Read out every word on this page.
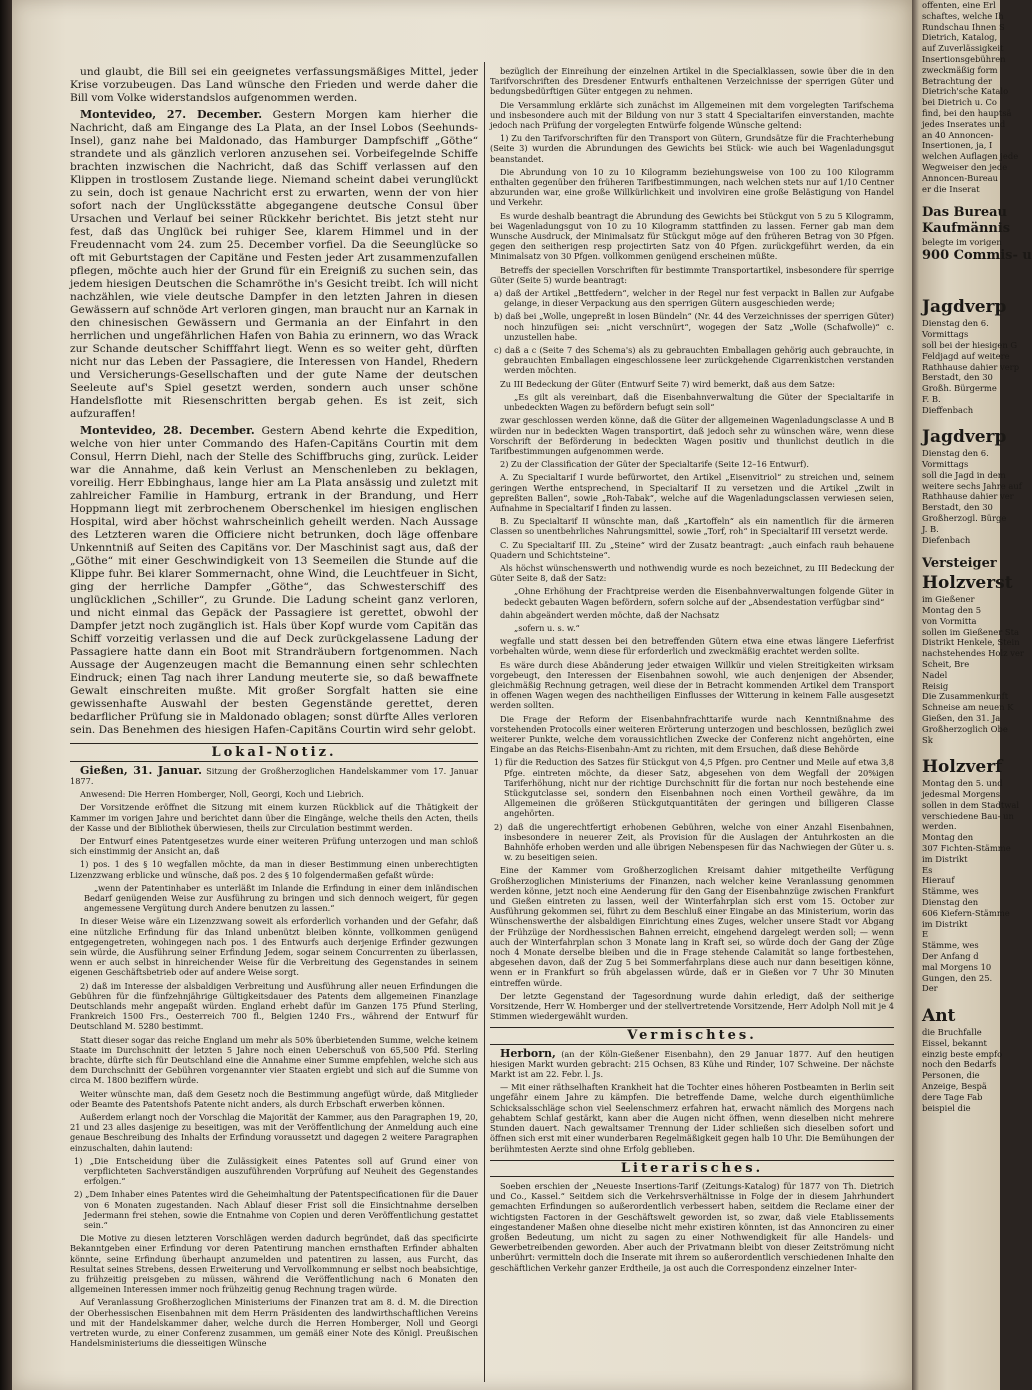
und glaubt, die Bill sei ein geeignetes verfassungsmäßiges Mittel, jeder Krise vorzubeugen. Das Land wünsche den Frieden und werde daher die Bill vom Volke widerstandslos aufgenommen werden.

Montevideo, 27. December. Gestern Morgen kam hierher die Nachricht, daß am Eingange des La Plata, an der Insel Lobos (Seehunds-Insel), ganz nahe bei Maldonado, das Hamburger Dampfschiff „Göthe“ strandete und als gänzlich verloren anzusehen sei. Vorbeifegelnde Schiffe brachten inzwischen die Nachricht, daß das Schiff verlassen auf den Klippen in trostlosem Zustande liege. Niemand scheint dabei verunglückt zu sein, doch ist genaue Nachricht erst zu erwarten, wenn der von hier sofort nach der Unglücksstätte abgegangene deutsche Consul über Ursachen und Verlauf bei seiner Rückkehr berichtet. Bis jetzt steht nur fest, daß das Unglück bei ruhiger See, klarem Himmel und in der Freudennacht vom 24. zum 25. December vorfiel. Da die Seeunglücke so oft mit Geburtstagen der Capitäne und Festen jeder Art zusammenzufallen pflegen, möchte auch hier der Grund für ein Ereigniß zu suchen sein, das jedem hiesigen Deutschen die Schamröthe in's Gesicht treibt. Ich will nicht nachzählen, wie viele deutsche Dampfer in den letzten Jahren in diesen Gewässern auf schnöde Art verloren gingen, man braucht nur an Karnak in den chinesischen Gewässern und Germania an der Einfahrt in den herrlichen und ungefährlichen Hafen von Bahia zu erinnern, wo das Wrack zur Schande deutscher Schifffahrt liegt. Wenn es so weiter geht, dürften nicht nur das Leben der Passagiere, die Interessen von Handel, Rhedern und Versicherungs-Gesellschaften und der gute Name der deutschen Seeleute auf's Spiel gesetzt werden, sondern auch unser schöne Handelsflotte mit Riesenschritten bergab gehen. Es ist zeit, sich aufzuraffen!

Montevideo, 28. December. Gestern Abend kehrte die Expedition, welche von hier unter Commando des Hafen-Capitäns Courtin mit dem Consul, Herrn Diehl, nach der Stelle des Schiffbruchs ging, zurück. Leider war die Annahme, daß kein Verlust an Menschenleben zu beklagen, voreilig. Herr Ebbinghaus, lange hier am La Plata ansässig und zuletzt mit zahlreicher Familie in Hamburg, ertrank in der Brandung, und Herr Hoppmann liegt mit zerbrochenem Oberschenkel im hiesigen englischen Hospital, wird aber höchst wahrscheinlich geheilt werden. Nach Aussage des Letzteren waren die Officiere nicht betrunken, doch läge offenbare Unkenntniß auf Seiten des Capitäns vor. Der Maschinist sagt aus, daß der „Göthe“ mit einer Geschwindigkeit von 13 Seemeilen die Stunde auf die Klippe fuhr. Bei klarer Sommernacht, ohne Wind, die Leuchtfeuer in Sicht, ging der herrliche Dampfer „Göthe“, das Schwesterschiff des unglücklichen „Schiller“, zu Grunde. Die Ladung scheint ganz verloren, und nicht einmal das Gepäck der Passagiere ist gerettet, obwohl der Dampfer jetzt noch zugänglich ist. Hals über Kopf wurde vom Capitän das Schiff vorzeitig verlassen und die auf Deck zurückgelassene Ladung der Passagiere hatte dann ein Boot mit Strandräubern fortgenommen. Nach Aussage der Augenzeugen macht die Bemannung einen sehr schlechten Eindruck; einen Tag nach ihrer Landung meuterte sie, so daß bewaffnete Gewalt einschreiten mußte. Mit großer Sorgfalt hatten sie eine gewissenhafte Auswahl der besten Gegenstände gerettet, deren bedarflicher Prüfung sie in Maldonado oblagen; sonst dürfte Alles verloren sein. Das Benehmen des hiesigen Hafen-Capitäns Courtin wird sehr gelobt.

Lokal-Notiz.

Gießen, 31. Januar. Sitzung der Großherzoglichen Handelskammer vom 17. Januar 1877.

Anwesend: Die Herren Homberger, Noll, Georgi, Koch und Liebrich.

Der Vorsitzende eröffnet die Sitzung mit einem kurzen Rückblick auf die Thätigkeit der Kammer im vorigen Jahre und berichtet dann über die Eingänge, welche theils den Acten, theils der Kasse und der Bibliothek überwiesen, theils zur Circulation bestimmt werden.

Der Entwurf eines Patentgesetzes wurde einer weiteren Prüfung unterzogen und man schloß sich einstimmig der Ansicht an, daß

1) pos. 1 des § 10 wegfallen möchte, da man in dieser Bestimmung einen unberechtigten Lizenzzwang erblicke und wünsche, daß pos. 2 des § 10 folgendermaßen gefaßt würde:

„wenn der Patentinhaber es unterläßt im Inlande die Erfindung in einer dem inländischen Bedarf genügenden Weise zur Ausführung zu bringen und sich dennoch weigert, für gegen angemessene Vergütung durch Andere benutzen zu lassen.“

In dieser Weise wäre ein Lizenzzwang soweit als erforderlich vorhanden und der Gefahr, daß eine nützliche Erfindung für das Inland unbenützt bleiben könnte, vollkommen genügend entgegengetreten, wohingegen nach pos. 1 des Entwurfs auch derjenige Erfinder gezwungen sein würde, die Ausführung seiner Erfindung Jedem, sogar seinem Concurrenten zu überlassen, wenn er auch selbst in hinreichender Weise für die Verbreitung des Gegenstandes in seinem eigenen Geschäftsbetrieb oder auf andere Weise sorgt.

2) daß im Interesse der alsbaldigen Verbreitung und Ausführung aller neuen Erfindungen die Gebühren für die fünfzehnjährige Gültigkeitsdauer des Patents dem allgemeinen Finanzlage Deutschlands mehr angepaßt würden. England erhebt dafür im Ganzen 175 Pfund Sterling, Frankreich 1500 Frs., Oesterreich 700 fl., Belgien 1240 Frs., während der Entwurf für Deutschland M. 5280 bestimmt.

Statt dieser sogar das reiche England um mehr als 50% überbietenden Summe, welche keinem Staate im Durchschnitt der letzten 5 Jahre noch einen Ueberschuß von 65,500 Pfd. Sterling brachte, dürfte sich für Deutschland eine die Annahme einer Summe empfehlen, welche sich aus dem Durchschnitt der Gebühren vorgenannter vier Staaten ergiebt und sich auf die Summe von circa M. 1800 beziffern würde.

Weiter wünschte man, daß dem Gesetz noch die Bestimmung angefügt würde, daß Mitglieder oder Beamte des Patentshofs Patente nicht anders, als durch Erbschaft erwerben können.

Außerdem erlangt noch der Vorschlag die Majorität der Kammer, aus den Paragraphen 19, 20, 21 und 23 alles dasjenige zu beseitigen, was mit der Veröffentlichung der Anmeldung auch eine genaue Beschreibung des Inhalts der Erfindung voraussetzt und dagegen 2 weitere Paragraphen einzuschalten, dahin lautend:

1) „Die Entscheidung über die Zulässigkeit eines Patentes soll auf Grund einer von verpflichteten Sachverständigen auszuführenden Vorprüfung auf Neuheit des Gegenstandes erfolgen.“

2) „Dem Inhaber eines Patentes wird die Geheimhaltung der Patentspecificationen für die Dauer von 6 Monaten zugestanden. Nach Ablauf dieser Frist soll die Einsichtnahme derselben Jedermann frei stehen, sowie die Entnahme von Copien und deren Veröffentlichung gestattet sein.“

Die Motive zu diesen letzteren Vorschlägen werden dadurch begründet, daß das specificirte Bekanntgeben einer Erfindung vor deren Patentirung manchen ernsthaften Erfinder abhalten könnte, seine Erfindung überhaupt anzumelden und patentiren zu lassen, aus Furcht, das Resultat seines Strebens, dessen Erweiterung und Vervollkommnung er selbst noch beabsichtige, zu frühzeitig preisgeben zu müssen, während die Veröffentlichung nach 6 Monaten den allgemeinen Interessen immer noch frühzeitig genug Rechnung tragen würde.

Auf Veranlassung Großherzoglichen Ministeriums der Finanzen trat am 8. d. M. die Direction der Oberhessischen Eisenbahnen mit dem Herrn Präsidenten des landwirthschaftlichen Vereins und mit der Handelskammer daher, welche durch die Herren Homberger, Noll und Georgi vertreten wurde, zu einer Conferenz zusammen, um gemäß einer Note des Königl. Preußischen Handelsministeriums die diesseitigen Wünsche

bezüglich der Einreihung der einzelnen Artikel in die Specialklassen, sowie über die in den Tarifvorschriften des Dresdener Entwurfs enthaltenen Verzeichnisse der sperrigen Güter und bedungsbedürftigen Güter entgegen zu nehmen.

Die Versammlung erklärte sich zunächst im Allgemeinen mit dem vorgelegten Tarifschema und insbesondere auch mit der Bildung von nur 3 statt 4 Specialtarifen einverstanden, machte jedoch nach Prüfung der vorgelegten Entwürfe folgende Wünsche geltend:

1) Zu den Tarifvorschriften für den Transport von Gütern, Grundsätze für die Frachterhebung (Seite 3) wurden die Abrundungen des Gewichts bei Stück- wie auch bei Wagenladungsgut beanstandet.

Die Abrundung von 10 zu 10 Kilogramm beziehungsweise von 100 zu 100 Kilogramm enthalten gegenüber den früheren Tarifbestimmungen, nach welchen stets nur auf 1/10 Centner abzurunden war, eine große Willkürlichkeit und involviren eine große Belästigung von Handel und Verkehr.

Es wurde deshalb beantragt die Abrundung des Gewichts bei Stückgut von 5 zu 5 Kilogramm, bei Wagenladungsgut von 10 zu 10 Kilogramm stattfinden zu lassen. Ferner gab man dem Wunsche Ausdruck, der Minimalsatz für Stückgut möge auf den früheren Betrag von 30 Pfgen. gegen den seitherigen resp projectirten Satz von 40 Pfgen. zurückgeführt werden, da ein Minimalsatz von 30 Pfgen. vollkommen genügend erscheinen müßte.

Betreffs der speciellen Vorschriften für bestimmte Transportartikel, insbesondere für sperrige Güter (Seite 5) wurde beantragt:

a) daß der Artikel „Bettfedern“, welcher in der Regel nur fest verpackt in Ballen zur Aufgabe gelange, in dieser Verpackung aus den sperrigen Gütern ausgeschieden werde;

b) daß bei „Wolle, ungepreßt in losen Bündeln“ (Nr. 44 des Verzeichnisses der sperrigen Güter) noch hinzufügen sei: „nicht verschnürt“, wogegen der Satz „Wolle (Schafwolle)“ c. unzustellen habe.

c) daß a c (Seite 7 des Schema's) als zu gebrauchten Emballagen gehörig auch gebrauchte, in gebrauchten Emballagen eingeschlossene leer zurückgehende Cigarrenkistchen verstanden werden möchten.

Zu III Bedeckung der Güter (Entwurf Seite 7) wird bemerkt, daß aus dem Satze:

„Es gilt als vereinbart, daß die Eisenbahnverwaltung die Güter der Specialtarife in unbedeckten Wagen zu befördern befugt sein soll“

zwar geschlossen werden könne, daß die Güter der allgemeinen Wagenladungsclasse A und B würden nur in bedeckten Wagen transportirt, daß jedoch sehr zu wünschen wäre, wenn diese Vorschrift der Beförderung in bedeckten Wagen positiv und thunlichst deutlich in die Tarifbestimmungen aufgenommen werde.

2) Zu der Classification der Güter der Specialtarife (Seite 12–16 Entwurf).

A. Zu Specialtarif I wurde befürwortet, den Artikel „Eisenvitriol“ zu streichen und, seinem geringen Werthe entsprechend, in Specialtarif II zu versetzen und die Artikel „Zwilt in gepreßten Ballen“, sowie „Roh-Tabak“, welche auf die Wagenladungsclassen verwiesen seien, Aufnahme in Specialtarif I finden zu lassen.

B. Zu Specialtarif II wünschte man, daß „Kartoffeln“ als ein namentlich für die ärmeren Classen so unentbehrliches Nahrungsmittel, sowie „Torf, roh“ in Specialtarif III versetzt werde.

C. Zu Specialtarif III. Zu „Steine“ wird der Zusatz beantragt: „auch einfach rauh behauene Quadern und Schichtsteine“.

Als höchst wünschenswerth und nothwendig wurde es noch bezeichnet, zu III Bedeckung der Güter Seite 8, daß der Satz:

„Ohne Erhöhung der Frachtpreise werden die Eisenbahnverwaltungen folgende Güter in bedeckt gebauten Wagen befördern, sofern solche auf der „Absendestation verfügbar sind“

dahin abgeändert werden möchte, daß der Nachsatz

„sofern u. s. w.“

wegfalle und statt dessen bei den betreffenden Gütern etwa eine etwas längere Lieferfrist vorbehalten würde, wenn diese für erforderlich und zweckmäßig erachtet werden sollte.

Es wäre durch diese Abänderung jeder etwaigen Willkür und vielen Streitigkeiten wirksam vorgebeugt, den Interessen der Eisenbahnen sowohl, wie auch denjenigen der Absender, gleichmäßig Rechnung getragen, weil diese der in Betracht kommenden Artikel dem Transport in offenen Wagen wegen des nachtheiligen Einflusses der Witterung in keinem Falle ausgesetzt werden sollten.

Die Frage der Reform der Eisenbahnfrachttarife wurde nach Kenntnißnahme des vorstehenden Protocolls einer weiteren Erörterung unterzogen und beschlossen, bezüglich zwei weiterer Punkte, welche dem voraussichtlichen Zwecke der Conferenz nicht angehörten, eine Eingabe an das Reichs-Eisenbahn-Amt zu richten, mit dem Ersuchen, daß diese Behörde

1) für die Reduction des Satzes für Stückgut von 4,5 Pfgen. pro Centner und Meile auf etwa 3,8 Pfge. eintreten möchte, da dieser Satz, abgesehen von dem Wegfall der 20%igen Tariferhöhung, nicht nur der richtige Durchschnitt für die fortan nur noch bestehende eine Stückgutclasse sei, sondern den Eisenbahnen noch einen Vortheil gewähre, da im Allgemeinen die größeren Stückgutquantitäten der geringen und billigeren Classe angehörten.

2) daß die ungerechtfertigt erhobenen Gebühren, welche von einer Anzahl Eisenbahnen, insbesondere in neuerer Zeit, als Provision für die Auslagen der Antuhrkosten an die Bahnhöfe erhoben werden und alle übrigen Nebenspesen für das Nachwiegen der Güter u. s. w. zu beseitigen seien.

Eine der Kammer vom Großherzoglichen Kreisamt dahier mitgetheilte Verfügung Großherzoglichen Ministeriums der Finanzen, nach welcher keine Veranlassung genommen werden könne, jetzt noch eine Aenderung für den Gang der Eisenbahnzüge zwischen Frankfurt und Gießen eintreten zu lassen, weil der Winterfahrplan sich erst vom 15. October zur Ausführung gekommen sei, führt zu dem Beschluß einer Eingabe an das Ministerium, worin das Wünschenswerthe der alsbaldigen Einrichtung eines Zuges, welcher unsere Stadt vor Abgang der Frühzüge der Nordhessischen Bahnen erreicht, eingehend dargelegt werden soll; — wenn auch der Winterfahrplan schon 3 Monate lang in Kraft sei, so würde doch der Gang der Züge noch 4 Monate derselbe bleiben und die in Frage stehende Calamität so lange fortbestehen, abgesehen davon, daß der Zug 5 bei Sommerfahrplans diese auch nur dann beseitigen könne, wenn er in Frankfurt so früh abgelassen würde, daß er in Gießen vor 7 Uhr 30 Minuten eintreffen würde.

Der letzte Gegenstand der Tagesordnung wurde dahin erledigt, daß der seitherige Vorsitzende, Herr W. Homberger und der stellvertretende Vorsitzende, Herr Adolph Noll mit je 4 Stimmen wiedergewählt wurden.

Vermischtes.

Herborn, (an der Köln-Gießener Eisenbahn), den 29 Januar 1877. Auf den heutigen hiesigen Markt wurden gebracht: 215 Ochsen, 83 Kühe und Rinder, 107 Schweine. Der nächste Markt ist am 22. Febr. l. Js.

— Mit einer räthselhaften Krankheit hat die Tochter eines höheren Postbeamten in Berlin seit ungefähr einem Jahre zu kämpfen. Die betreffende Dame, welche durch eigenthümliche Schicksalsschläge schon viel Seelenschmerz erfahren hat, erwacht nämlich des Morgens nach gehabtem Schlaf gestärkt, kann aber die Augen nicht öffnen, wenn dieselben nicht mehrere Stunden dauert. Nach gewaltsamer Trennung der Lider schließen sich dieselben sofort und öffnen sich erst mit einer wunderbaren Regelmäßigkeit gegen halb 10 Uhr. Die Bemühungen der berühmtesten Aerzte sind ohne Erfolg geblieben.

Literarisches.

Soeben erschien der „Neueste Insertions-Tarif (Zeitungs-Katalog) für 1877 von Th. Dietrich und Co., Kassel.“ Seitdem sich die Verkehrsverhältnisse in Folge der in diesem Jahrhundert gemachten Erfindungen so außerordentlich verbessert haben, seitdem die Reclame einer der wichtigsten Factoren in der Geschäftswelt geworden ist, so zwar, daß viele Etablissements eingestandener Maßen ohne dieselbe nicht mehr existiren könnten, ist das Annonciren zu einer großen Bedeutung, um nicht zu sagen zu einer Nothwendigkeit für alle Handels- und Gewerbetreibenden geworden. Aber auch der Privatmann bleibt von dieser Zeitströmung nicht unberührt: vermitteln doch die Inserate mit ihrem so außerordentlich verschiedenen Inhalte den geschäftlichen Verkehr ganzer Erdtheile, ja ost auch die Correspondenz einzelner Inter-

offenten, eine Erl
schaftes, welche Ih
Rundschau Ihnen S
Dietrich, Katalog,
auf Zuverlässigkeit
Insertionsgebühren
zweckmäßig form
Betrachtung der
Dietrich'sche Katalo
bei Dietrich u. Co
find, bei den hauptsä
jedes Inserates und
an 40 Annoncen-
Insertionen, ja, I
welchen Auflagen jede
Wegweiser den jede
Annoncen-Bureau
er die Inserat
Das Bureau
Kaufmännis
belegte im vorigen
900 Commis- u
Jagdverp
Dienstag den 6.
Vormittags
soll bei der hiesigen G
Feldjagd auf weitere
Rathhause dahier verp
Berstadt, den 30
Großh. Bürgerme
F. B.
Dieffenbach
Jagdverp
Dienstag den 6.
Vormittags
soll die Jagd in dem
weitere sechs Jahre auf
Rathhause dahier ver
Berstadt, den 30
Großherzogl. Bürge
J. B.
Diefenbach
Versteiger
Holzverst
im Gießener
Montag den 5
von Vormitta
sollen im Gießener Sta
Distrikt Henkele, Stein
nachstehendes Holz ver
Scheit, Bre
Nadel
Reisig
Die Zusammenkunft
Schneise am neuen K
Gießen, den 31. Ja
Großherzoglich Obe
Sk
Holzverf
Montag den 5. und
jedesmal Morgens
sollen in dem Stadtwal
verschiedene Bau- un
werden.
Montag den
307 Fichten-Stämme
im Distrikt
Es
Hierauf
Stämme, wes
Dienstag den
606 Kiefern-Stämme
im Distrikt
E
Stämme, wes
Der Anfang d
mal Morgens 10
Gungen, den 25.
Der
Ant
die Bruchfalle
Eissel, bekannt
einzig beste empfo
noch den Bedarfs
Personen, die
Anzeige, Bespä
dere Tage Fab
beispiel die
